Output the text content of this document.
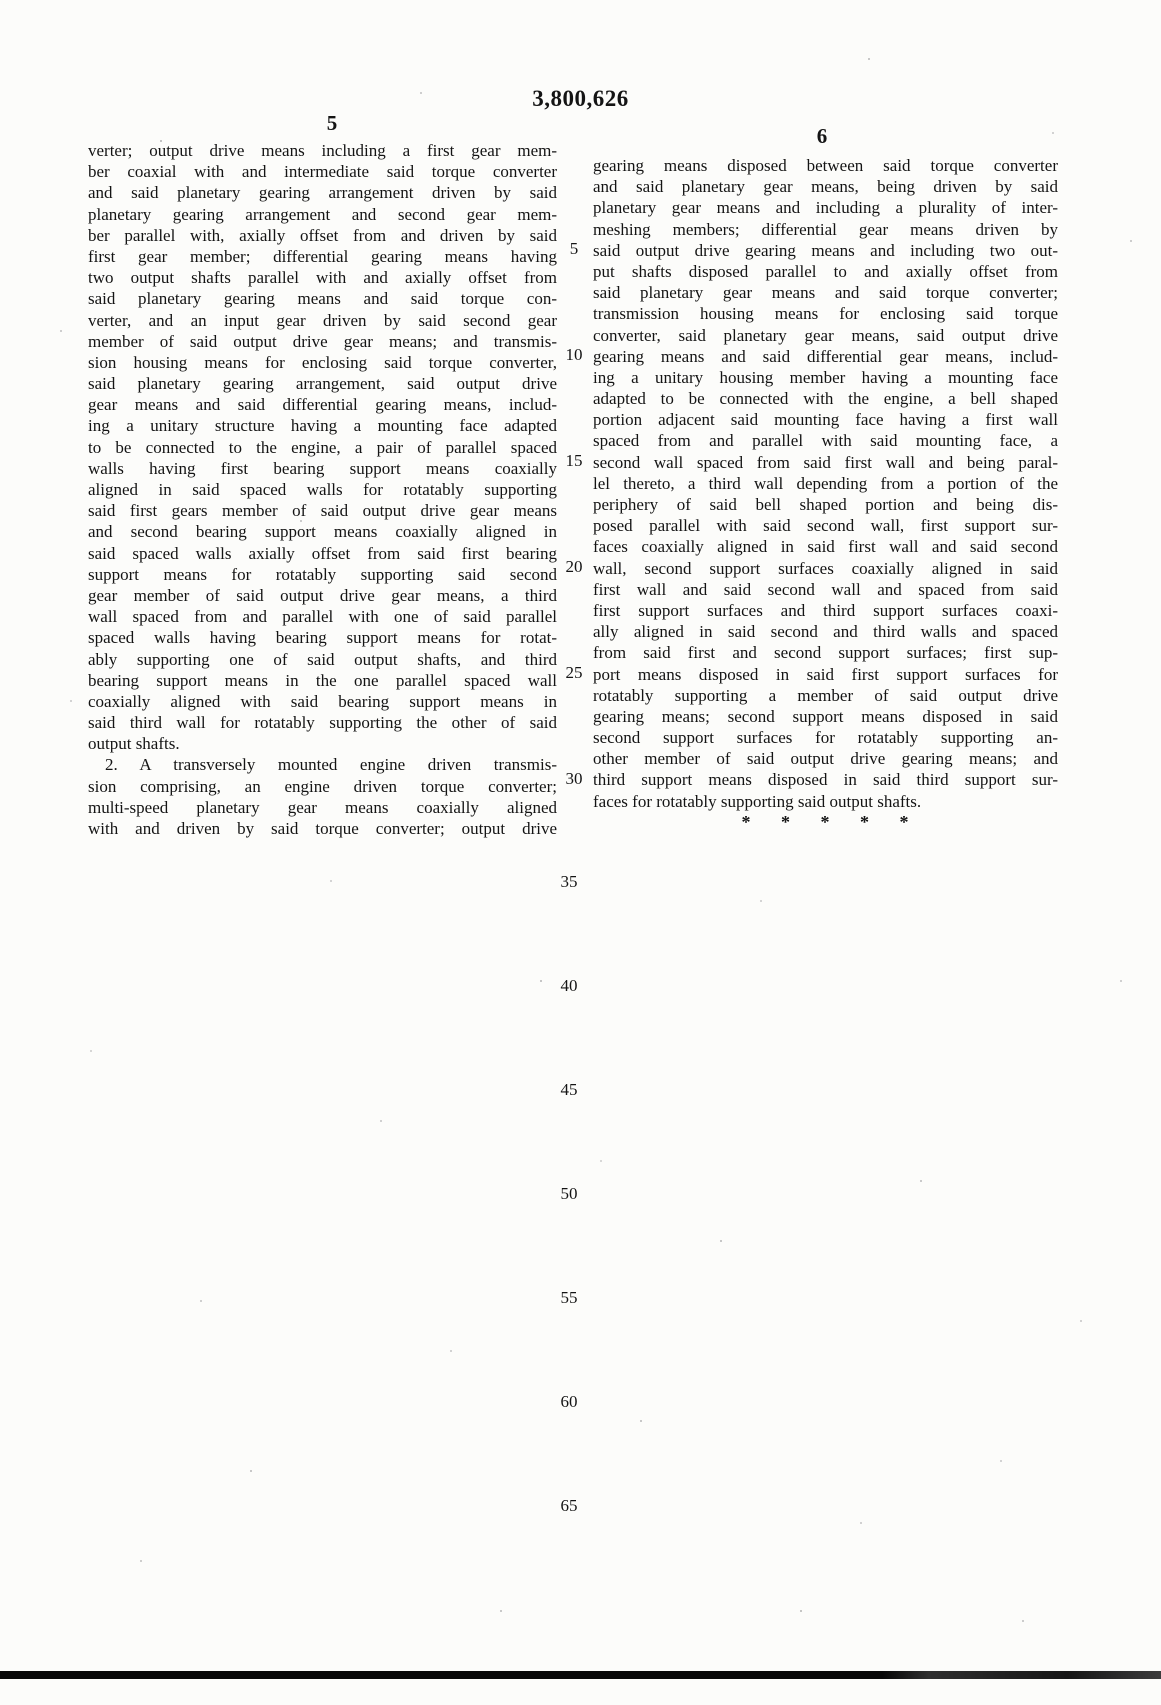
3,800,626
5
6
verter; output drive means including a first gear mem-
ber coaxial with and intermediate said torque converter
and said planetary gearing arrangement driven by said
planetary gearing arrangement and second gear mem-
ber parallel with, axially offset from and driven by said
first gear member; differential gearing means having
two output shafts parallel with and axially offset from
said planetary gearing means and said torque con-
verter, and an input gear driven by said second gear
member of said output drive gear means; and transmis-
sion housing means for enclosing said torque converter,
said planetary gearing arrangement, said output drive
gear means and said differential gearing means, includ-
ing a unitary structure having a mounting face adapted
to be connected to the engine, a pair of parallel spaced
walls having first bearing support means coaxially
aligned in said spaced walls for rotatably supporting
said first gears member of said output drive gear means
and second bearing support means coaxially aligned in
said spaced walls axially offset from said first bearing
support means for rotatably supporting said second
gear member of said output drive gear means, a third
wall spaced from and parallel with one of said parallel
spaced walls having bearing support means for rotat-
ably supporting one of said output shafts, and third
bearing support means in the one parallel spaced wall
coaxially aligned with said bearing support means in
said third wall for rotatably supporting the other of said
output shafts.
2. A transversely mounted engine driven transmis-
sion comprising, an engine driven torque converter;
multi-speed planetary gear means coaxially aligned
with and driven by said torque converter; output drive
gearing means disposed between said torque converter
and said planetary gear means, being driven by said
planetary gear means and including a plurality of inter-
meshing members; differential gear means driven by
said output drive gearing means and including two out-
put shafts disposed parallel to and axially offset from
said planetary gear means and said torque converter;
transmission housing means for enclosing said torque
converter, said planetary gear means, said output drive
gearing means and said differential gear means, includ-
ing a unitary housing member having a mounting face
adapted to be connected with the engine, a bell shaped
portion adjacent said mounting face having a first wall
spaced from and parallel with said mounting face, a
second wall spaced from said first wall and being paral-
lel thereto, a third wall depending from a portion of the
periphery of said bell shaped portion and being dis-
posed parallel with said second wall, first support sur-
faces coaxially aligned in said first wall and said second
wall, second support surfaces coaxially aligned in said
first wall and said second wall and spaced from said
first support surfaces and third support surfaces coaxi-
ally aligned in said second and third walls and spaced
from said first and second support surfaces; first sup-
port means disposed in said first support surfaces for
rotatably supporting a member of said output drive
gearing means; second support means disposed in said
second support surfaces for rotatably supporting an-
other member of said output drive gearing means; and
third support means disposed in said third support sur-
faces for rotatably supporting said output shafts.
* * * * *
5
10
15
20
25
30
35
40
45
50
55
60
65
